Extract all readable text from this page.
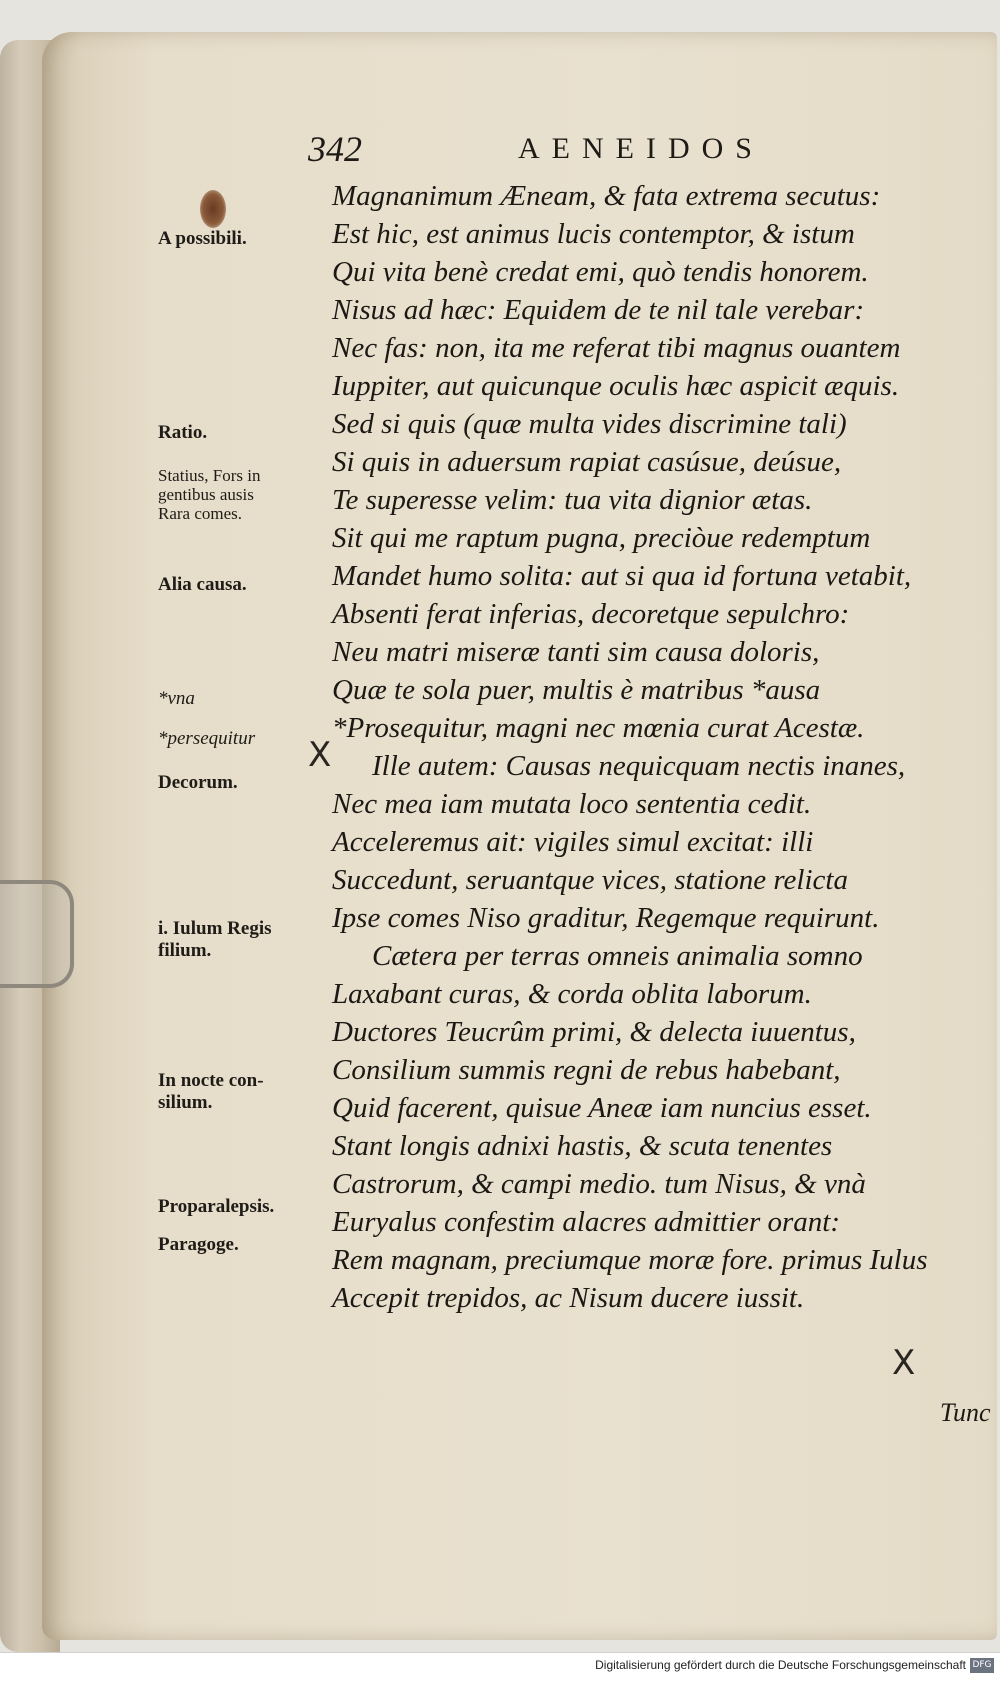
342	AENEIDOS
Magnanimum Æneam, & fata extrema secutus:
Est hic, est animus lucis contemptor, & istum
Qui vita benè credat emi, quò tendis honorem.
Nisus ad hæc: Equidem de te nil tale verebar:
Nec fas: non, ita me referat tibi magnus ouantem
Iuppiter, aut quicunque oculis hæc aspicit æquis.
Sed si quis (quæ multa vides discrimine tali)
Si quis in aduersum rapiat casúsue, deúsue,
Te superesse velim: tua vita dignior ætas.
Sit qui me raptum pugna, preciòue redemptum
Mandet humo solita: aut si qua id fortuna vetabit,
Absenti ferat inferias, decoretque sepulchro:
Neu matri miseræ tanti sim causa doloris,
Quæ te sola puer, multis è matribus *ausa
*Prosequitur, magni nec mœnia curat Acestæ.
Ille autem: Causas nequicquam nectis inanes,
Nec mea iam mutata loco sententia cedit.
Acceleremus ait: vigiles simul excitat: illi
Succedunt, seruantque vices, statione relicta
Ipse comes Niso graditur, Regemque requirunt.
Cætera per terras omneis animalia somno
Laxabant curas, & corda oblita laborum.
Ductores Teucrûm primi, & delecta iuuentus,
Consilium summis regni de rebus habebant,
Quid facerent, quisue Aneæ iam nuncius esset.
Stant longis adnixi hastis, & scuta tenentes
Castrorum, & campi medio. tum Nisus, & vnà
Euryalus confestim alacres admittier orant:
Rem magnam, preciumque moræ fore. primus Iulus
Accepit trepidos, ac Nisum ducere iussit.
A possibili.
Ratio.
Statius, Fors in
gentibus ausis
Rara comes.
Alia causa.
*vna
*persequitur
Decorum.
i. Iulum Regis
filium.
In nocte con-
silium.
Proparalepsis.
Paragoge.
X
X
Tunc
Digitalisierung gefördert durch die Deutsche Forschungsgemeinschaft DFG
